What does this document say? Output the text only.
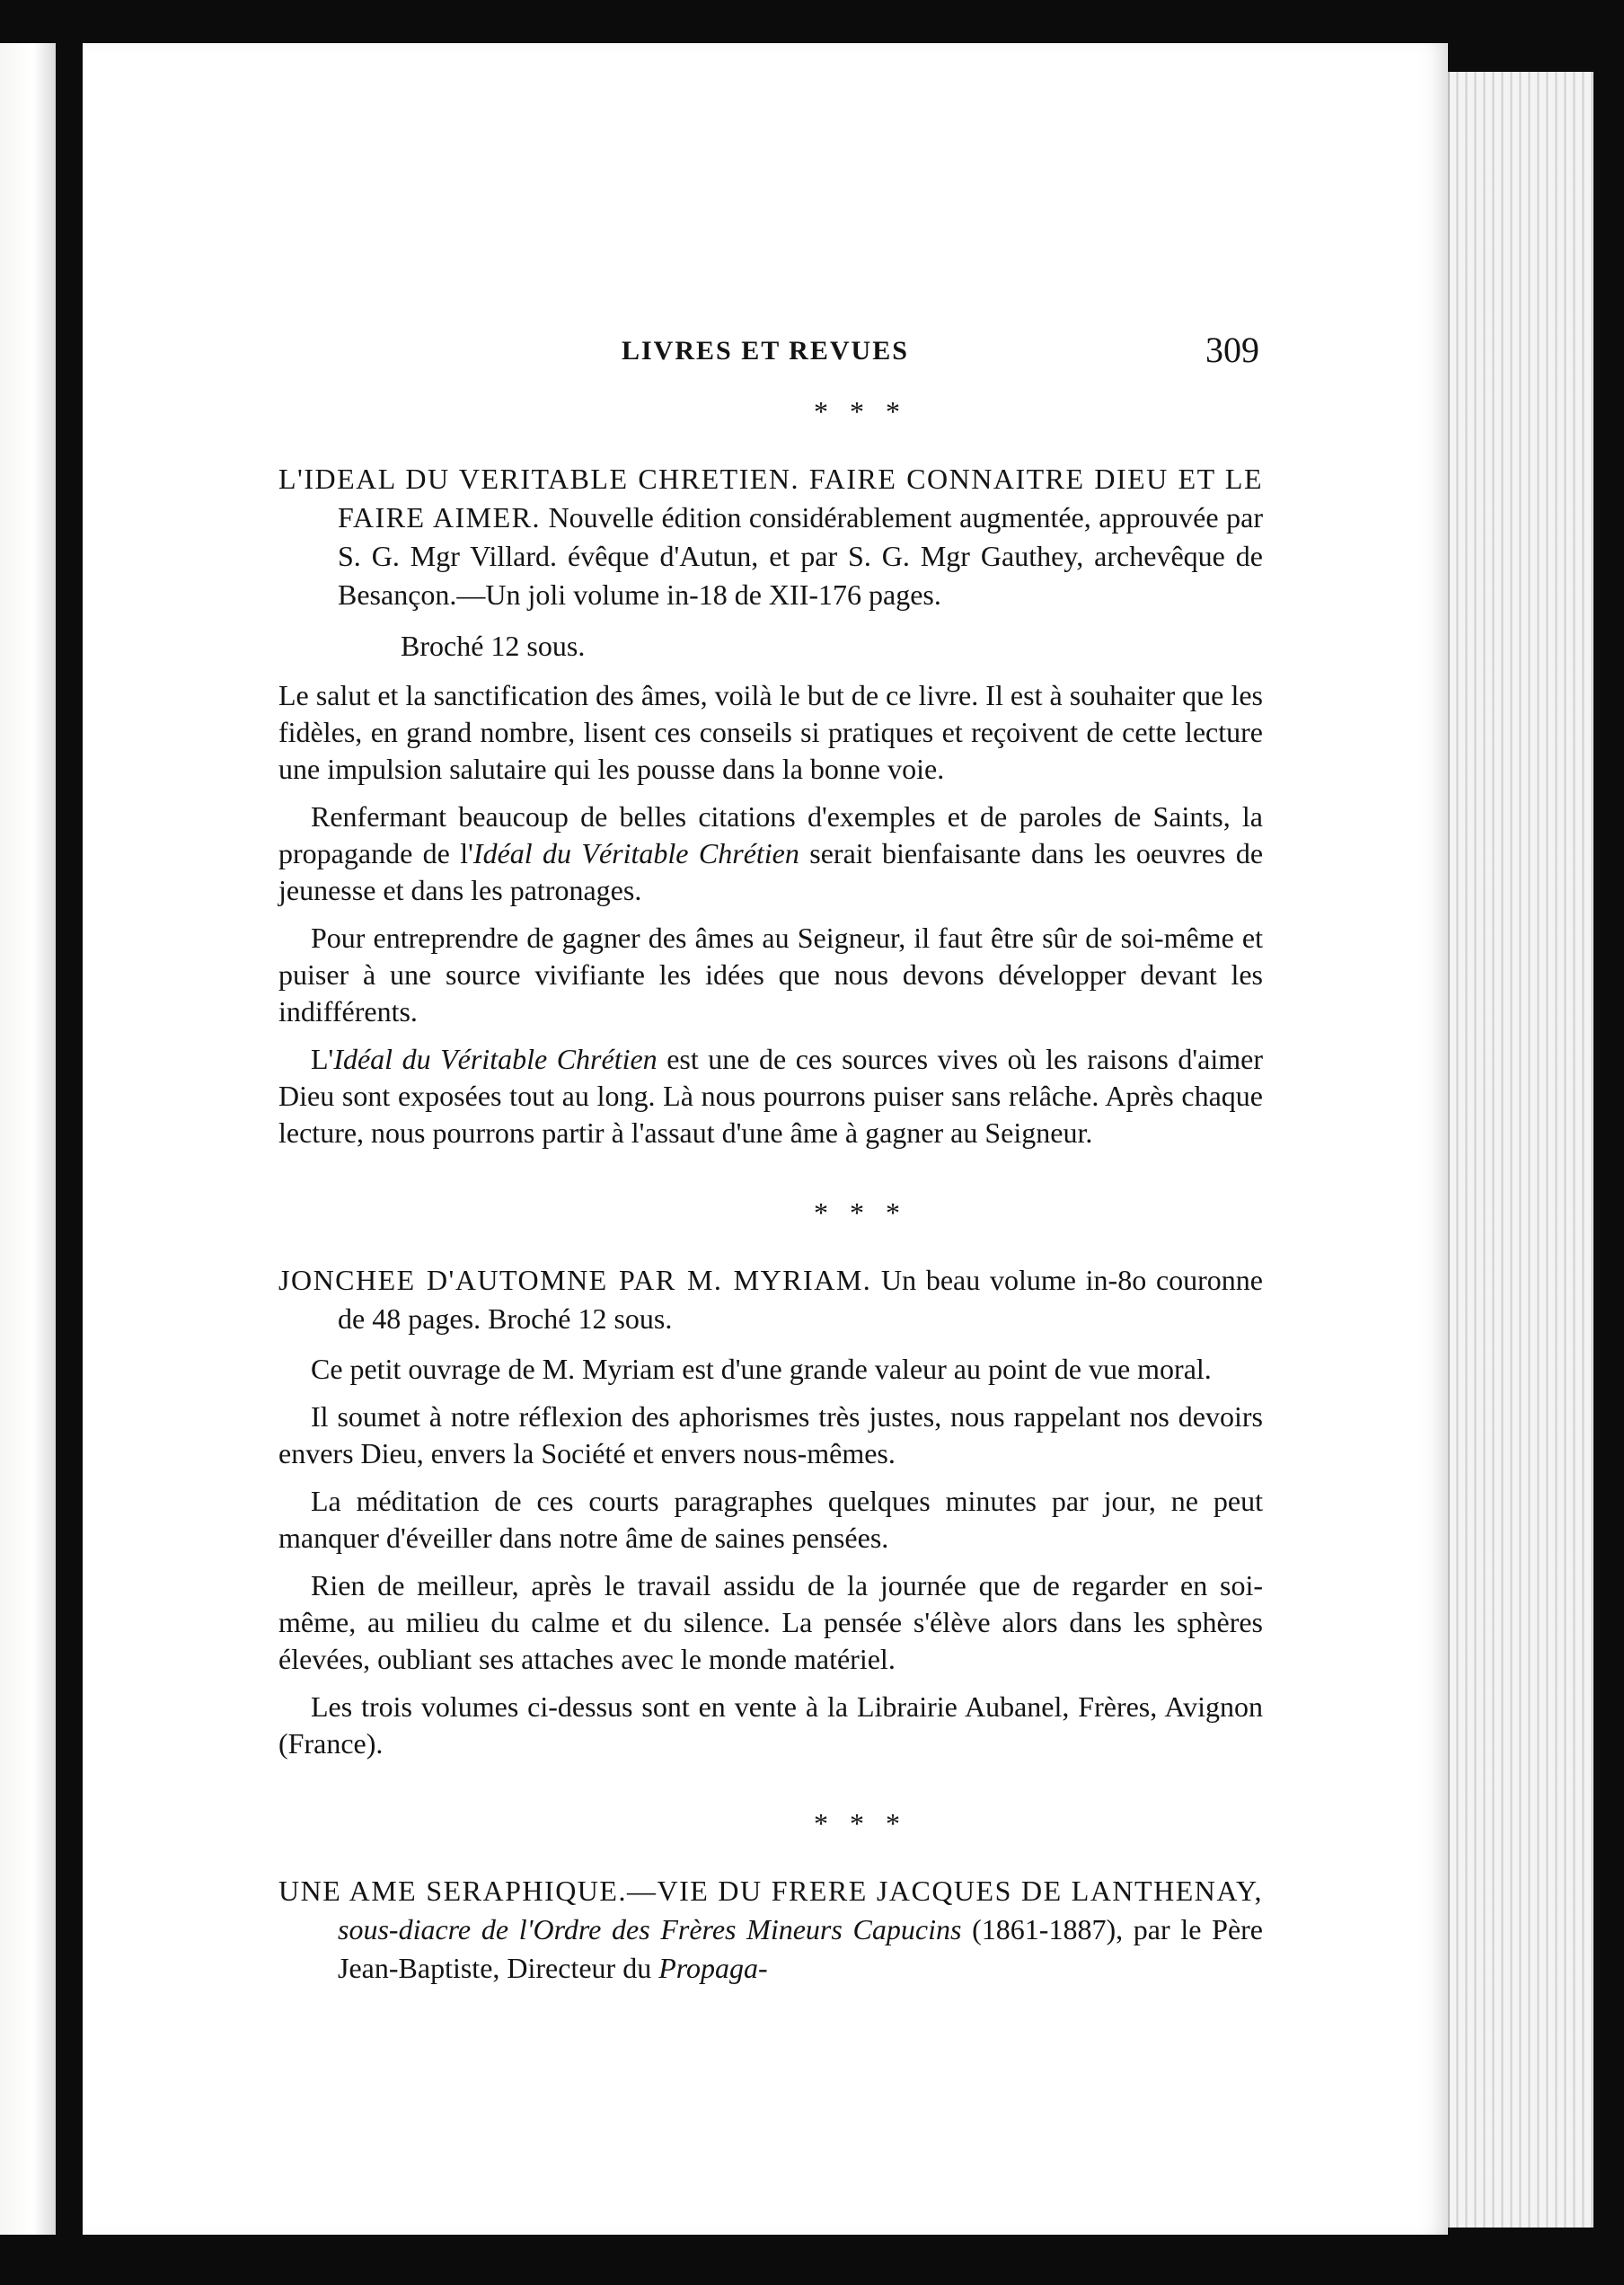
LIVRES ET REVUES	309
* * *

L'IDEAL DU VERITABLE CHRETIEN. FAIRE CONNAITRE DIEU ET LE FAIRE AIMER. Nouvelle édition considérablement augmentée, approuvée par S. G. Mgr Villard. évêque d'Autun, et par S. G. Mgr Gauthey, archevêque de Besançon.—Un joli volume in-18 de XII-176 pages.

Broché 12 sous.

Le salut et la sanctification des âmes, voilà le but de ce livre. Il est à souhaiter que les fidèles, en grand nombre, lisent ces conseils si pratiques et reçoivent de cette lecture une impulsion salutaire qui les pousse dans la bonne voie.

Renfermant beaucoup de belles citations d'exemples et de paroles de Saints, la propagande de l'Idéal du Véritable Chrétien serait bienfaisante dans les oeuvres de jeunesse et dans les patronages.

Pour entreprendre de gagner des âmes au Seigneur, il faut être sûr de soi-même et puiser à une source vivifiante les idées que nous devons développer devant les indifférents.

L'Idéal du Véritable Chrétien est une de ces sources vives où les raisons d'aimer Dieu sont exposées tout au long. Là nous pourrons puiser sans relâche. Après chaque lecture, nous pourrons partir à l'assaut d'une âme à gagner au Seigneur.

* * *

JONCHEE D'AUTOMNE PAR M. MYRIAM. Un beau volume in-8o couronne de 48 pages. Broché 12 sous.

Ce petit ouvrage de M. Myriam est d'une grande valeur au point de vue moral.

Il soumet à notre réflexion des aphorismes très justes, nous rappelant nos devoirs envers Dieu, envers la Société et envers nous-mêmes.

La méditation de ces courts paragraphes quelques minutes par jour, ne peut manquer d'éveiller dans notre âme de saines pensées.

Rien de meilleur, après le travail assidu de la journée que de regarder en soi-même, au milieu du calme et du silence. La pensée s'élève alors dans les sphères élevées, oubliant ses attaches avec le monde matériel.

Les trois volumes ci-dessus sont en vente à la Librairie Aubanel, Frères, Avignon (France).

* * *

UNE AME SERAPHIQUE.—VIE DU FRERE JACQUES DE LANTHENAY, sous-diacre de l'Ordre des Frères Mineurs Capucins (1861-1887), par le Père Jean-Baptiste, Directeur du Propaga-
